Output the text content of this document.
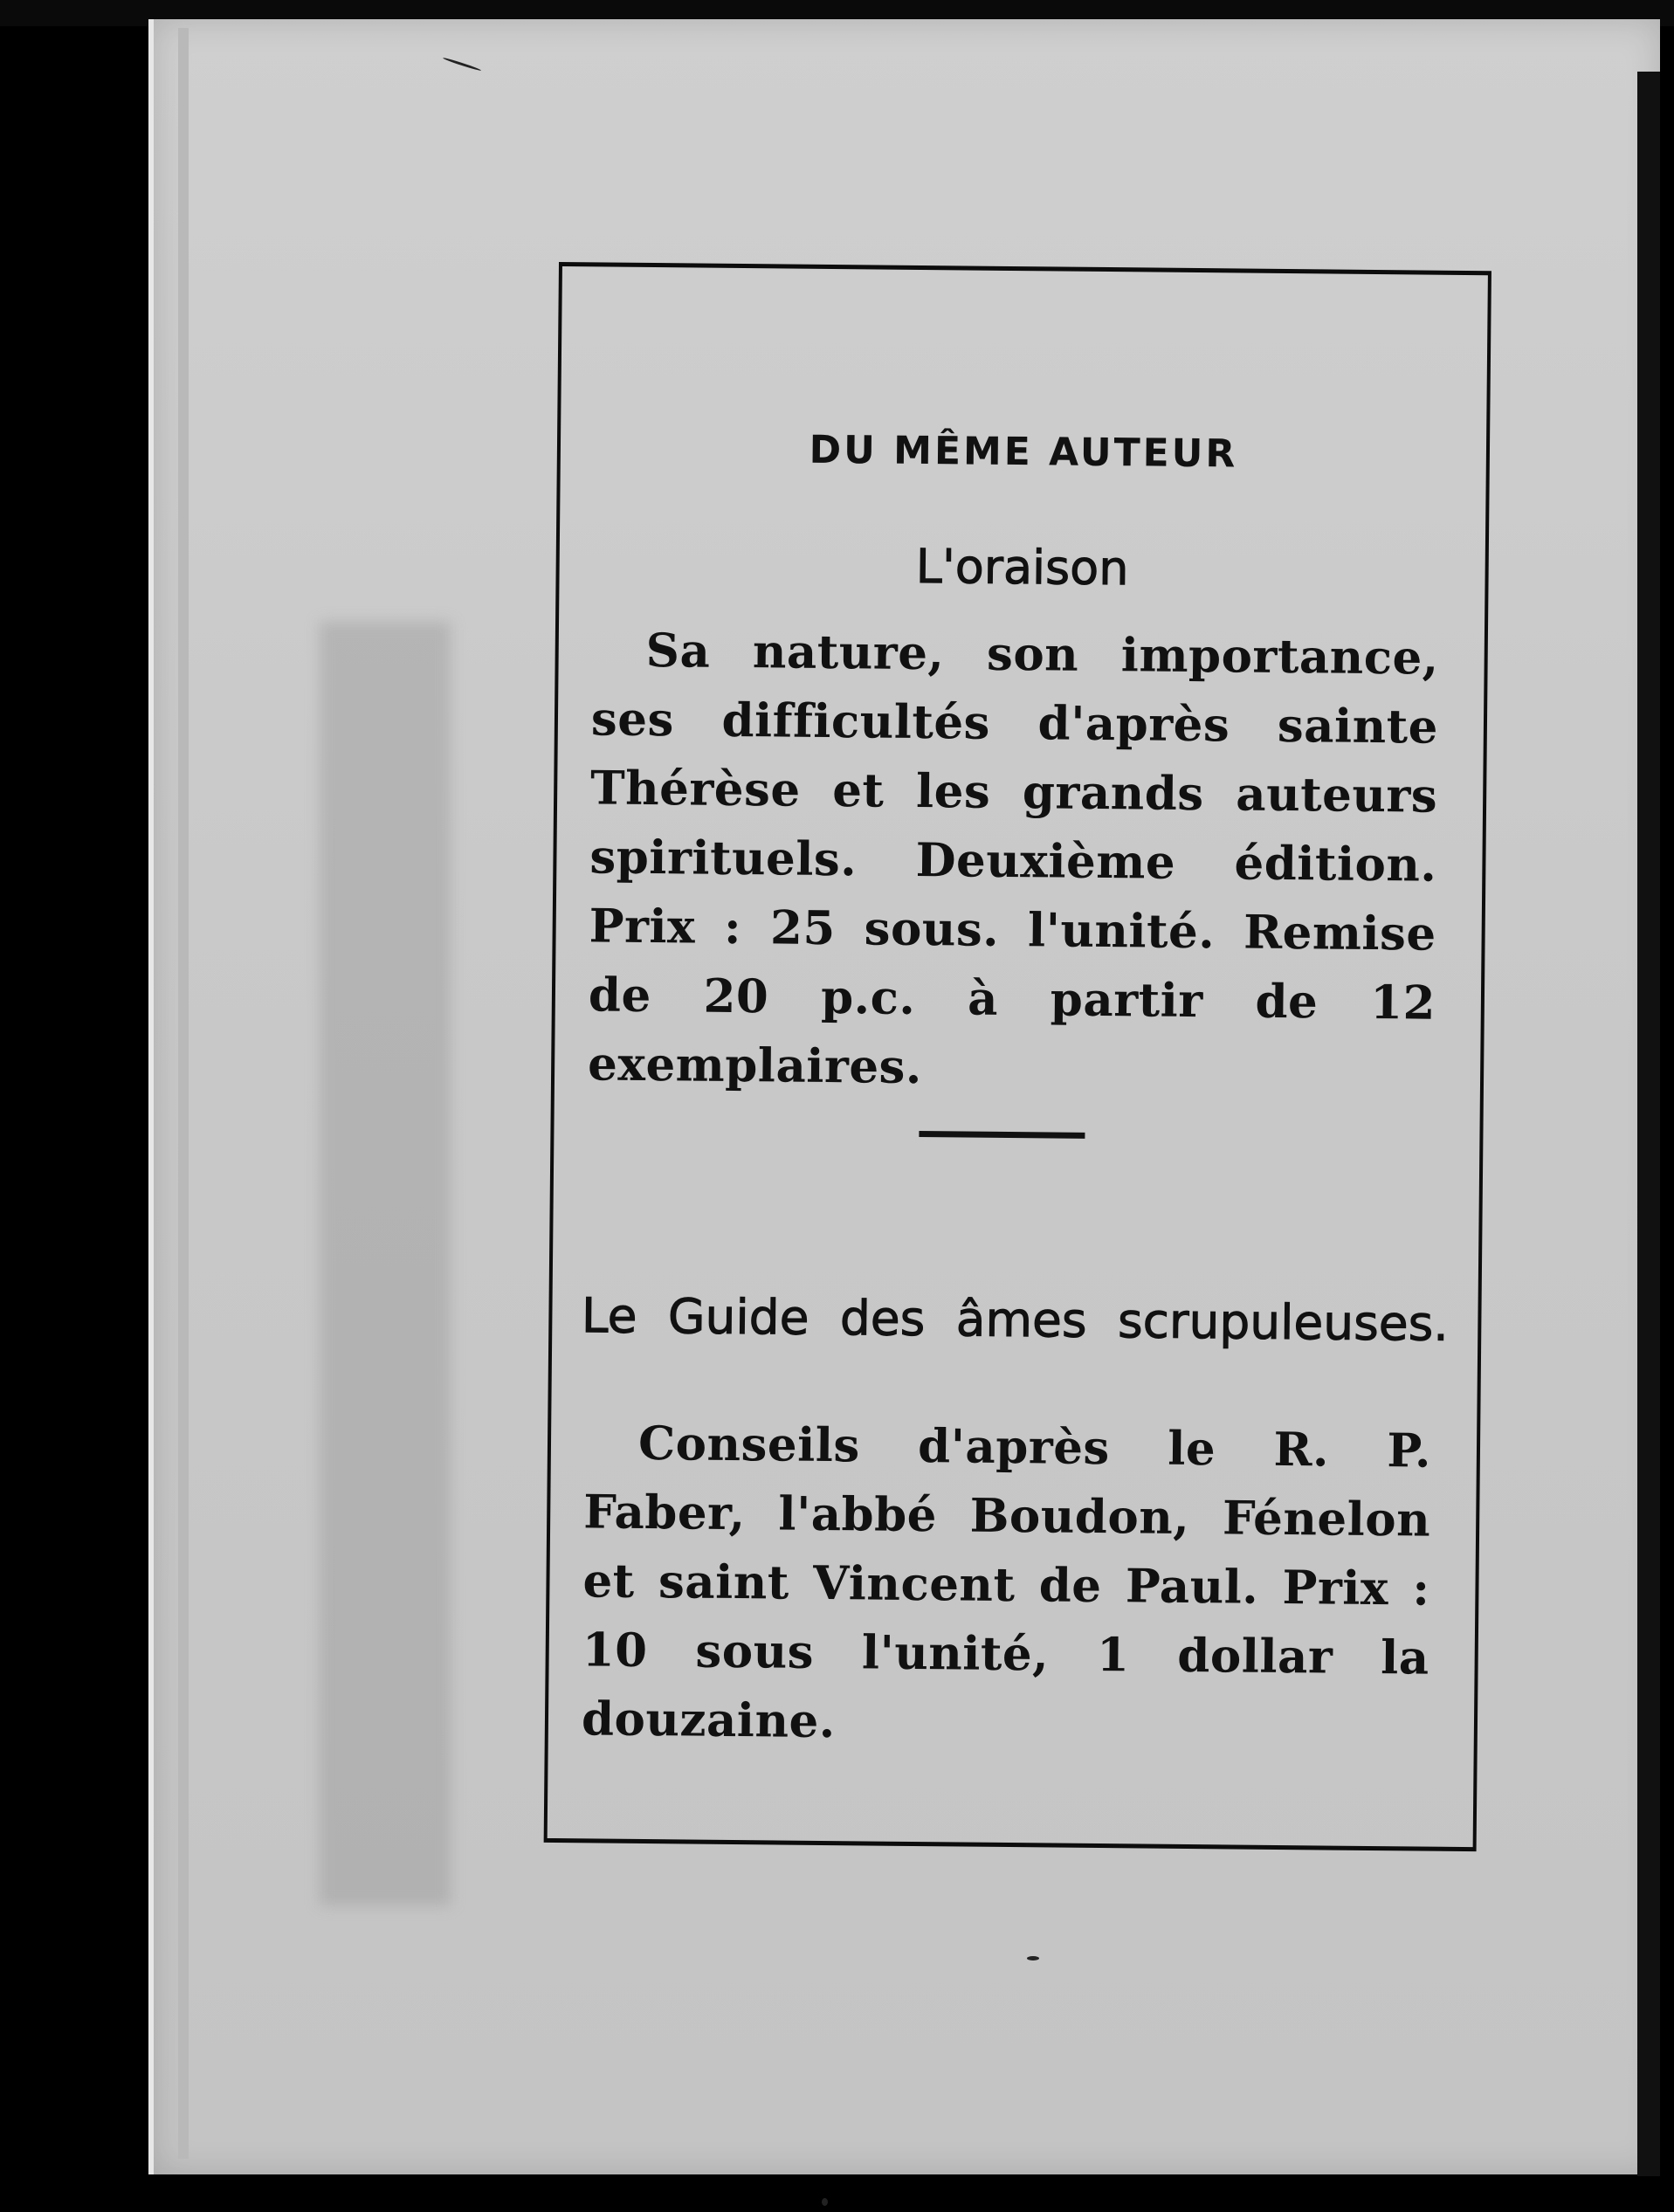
DU MÊME AUTEUR
L'oraison
Sa nature, son importance, ses difficultés d'après sainte Thérèse et les grands auteurs spirituels. Deuxième édition. Prix : 25 sous. l'unité. Remise de 20 p.c. à partir de 12 exemplaires.
Le Guide des âmes scrupuleuses.
Conseils d'après le R. P. Faber, l'abbé Boudon, Fénelon et saint Vincent de Paul. Prix : 10 sous l'unité, 1 dollar la douzaine.
